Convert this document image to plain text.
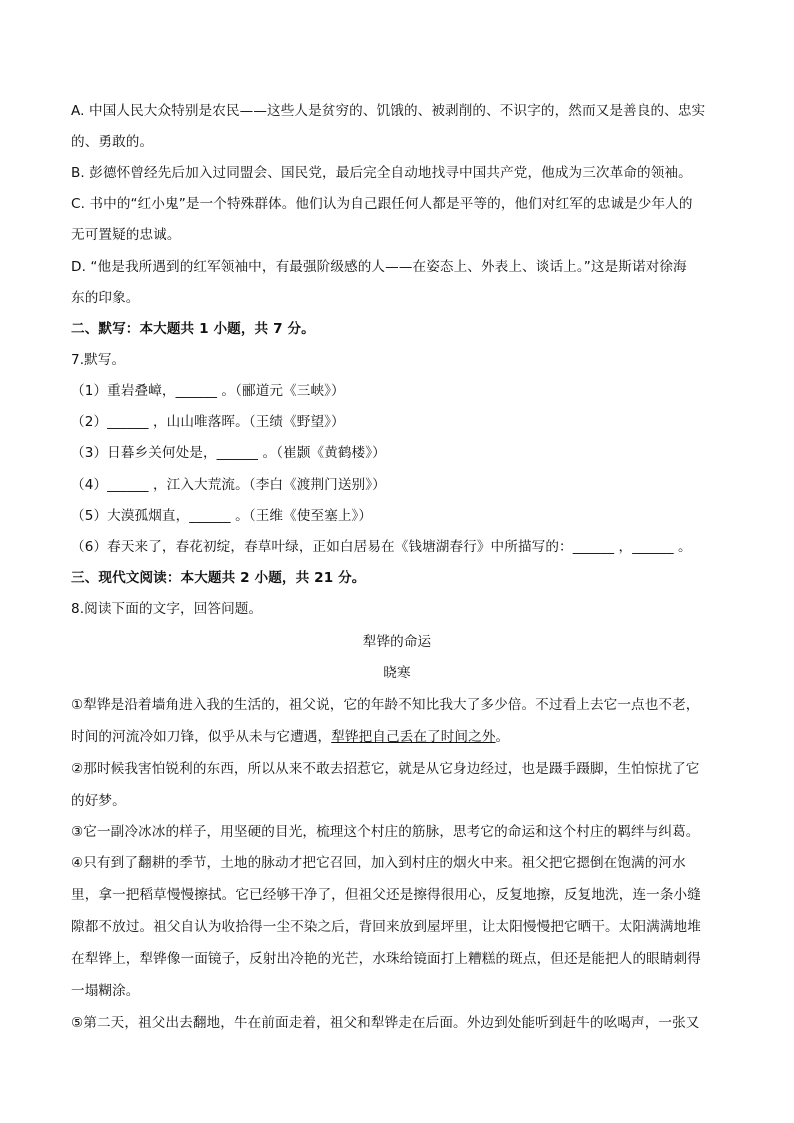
A. 中国人民大众特别是农民——这些人是贫穷的、饥饿的、被剥削的、不识字的，然而又是善良的、忠实
的、勇敢的。
B. 彭德怀曾经先后加入过同盟会、国民党，最后完全自动地找寻中国共产党，他成为三次革命的领袖。
C. 书中的“红小鬼”是一个特殊群体。他们认为自己跟任何人都是平等的，他们对红军的忠诚是少年人的
无可置疑的忠诚。
D. “他是我所遇到的红军领袖中，有最强阶级感的人——在姿态上、外表上、谈话上。”这是斯诺对徐海
东的印象。
二、默写：本大题共 1 小题，共 7 分。
7.默写。
（1）重岩叠嶂，______ 。（郦道元《三峡》）
（2）______ ，山山唯落晖。（王绩《野望》）
（3）日暮乡关何处是，______ 。（崔颢《黄鹤楼》）
（4）______ ，江入大荒流。（李白《渡荆门送别》）
（5）大漠孤烟直，______ 。（王维《使至塞上》）
（6）春天来了，春花初绽，春草叶绿，正如白居易在《钱塘湖春行》中所描写的：______ ，______ 。
三、现代文阅读：本大题共 2 小题，共 21 分。
8.阅读下面的文字，回答问题。
犁铧的命运
晓寒
①犁铧是沿着墙角进入我的生活的，祖父说，它的年龄不知比我大了多少倍。不过看上去它一点也不老，
时间的河流冷如刀锋，似乎从未与它遭遇，犁铧把自己丢在了时间之外。
②那时候我害怕锐利的东西，所以从来不敢去招惹它，就是从它身边经过，也是蹑手蹑脚，生怕惊扰了它
的好梦。
③它一副冷冰冰的样子，用坚硬的目光，梳理这个村庄的筋脉，思考它的命运和这个村庄的羁绊与纠葛。
④只有到了翻耕的季节，土地的脉动才把它召回，加入到村庄的烟火中来。祖父把它摁倒在饱满的河水
里，拿一把稻草慢慢擦拭。它已经够干净了，但祖父还是擦得很用心，反复地擦，反复地洗，连一条小缝
隙都不放过。祖父自认为收拾得一尘不染之后，背回来放到屋坪里，让太阳慢慢把它晒干。太阳满满地堆
在犁铧上，犁铧像一面镜子，反射出冷艳的光芒，水珠给镜面打上糟糕的斑点，但还是能把人的眼睛刺得
一塌糊涂。
⑤第二天，祖父出去翻地，牛在前面走着，祖父和犁铧走在后面。外边到处能听到赶牛的吆喝声，一张又
